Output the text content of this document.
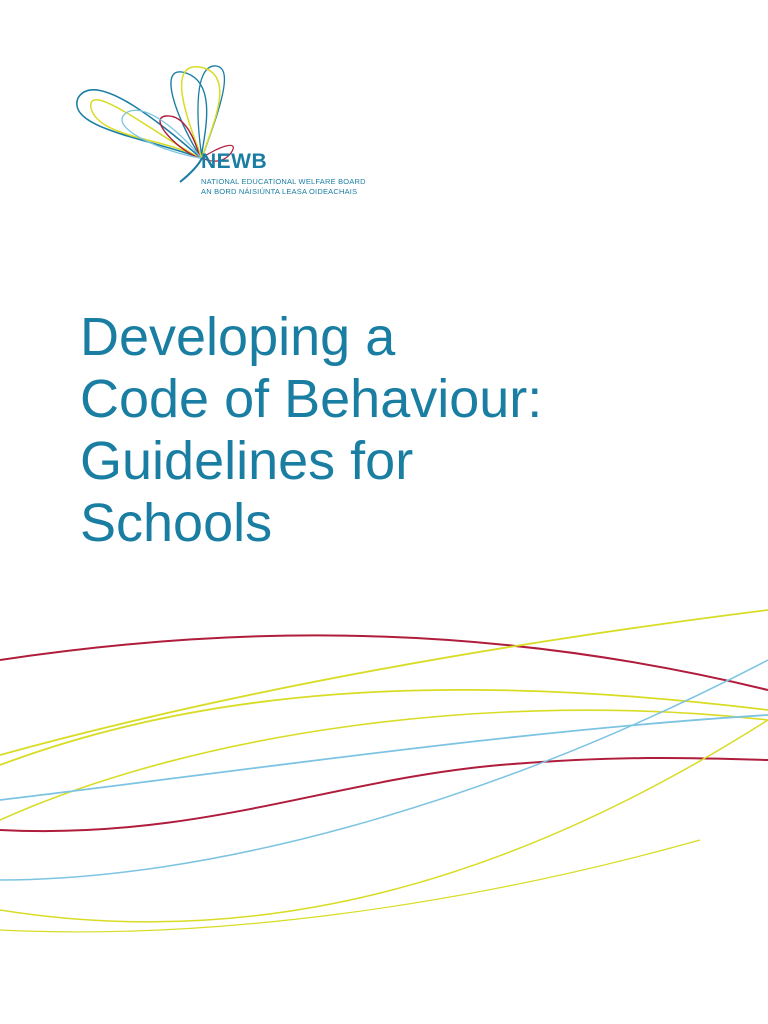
NEWB
NATIONAL EDUCATIONAL WELFARE BOARD
AN BORD NÁISIÚNTA LEASA OIDEACHAIS
Developing a
Code of Behaviour:
Guidelines for
Schools
